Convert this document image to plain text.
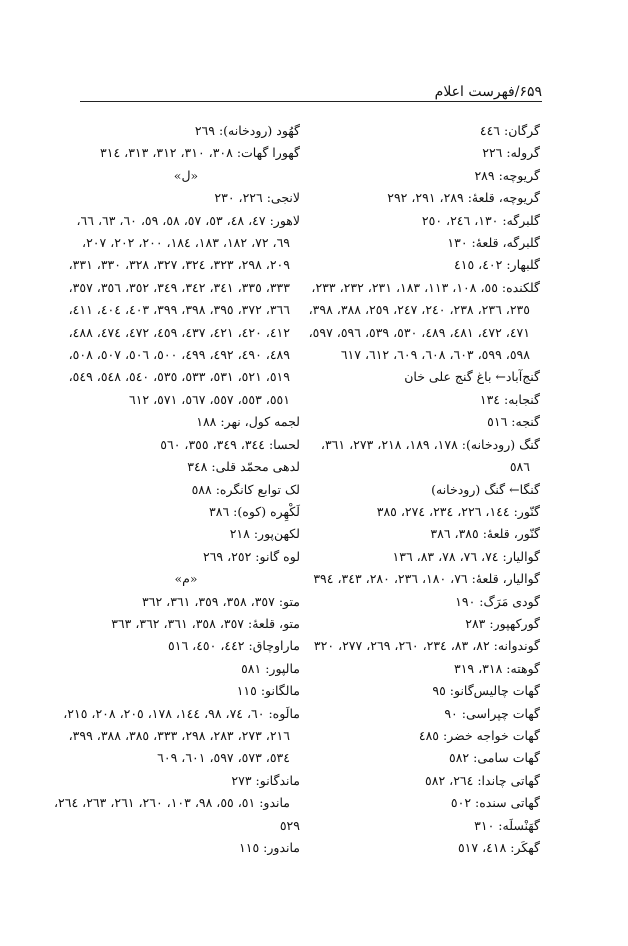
۶۵۹/فهرست اعلام

گرگان: ٤٤٦

گروله: ٢٢٦

گریوچه: ٢٨٩

گریوچه، قلعهٔ: ٢٨٩، ٢٩١، ٢٩٢

گلبرگه: ١٣٠، ٢٤٦، ٢٥٠

گلبرگه، قلعهٔ: ١٣٠

گلبهار: ٤٠٢، ٤١٥

گلکنده: ٥٥، ١٠٨، ١١٣، ١٨٣، ٢٣١، ٢٣٢، ٢٣٣،

٢٣٥، ٢٣٦، ٢٣٨، ٢٤٠، ٢٤٧، ٢٥٩، ٣٨٨، ٣٩٨،

٤٧١، ٤٧٢، ٤٨١، ٤٨٩، ٥٣٠، ٥٣٩، ٥٩٦، ٥٩٧،

٥٩٨، ٥٩٩، ٦٠٣، ٦٠٨، ٦٠٩، ٦١٢، ٦١٧

گنج‌آباد← باغ گنج علی خان

گنجابه: ١٣٤

گنجه: ٥١٦

گنگ (رودخانه): ١٧٨، ١٨٩، ٢١٨، ٢٧٣، ٣٦١،

٥٨٦

گنگا← گنگ (رودخانه)

گنّور: ١٤٤، ٢٢٦، ٢٣٤، ٢٧٤، ٣٨٥

گنّور، قلعهٔ: ٣٨٥، ٣٨٦

گوالیار: ٧٤، ٧٦، ٧٨، ٨٣، ١٣٦

گوالیار، قلعهٔ: ٧٦، ١٨٠، ٢٣٦، ٢٨٠، ٣٤٣، ٣٩٤

گودی مَرَگ: ١٩٠

گورکهپور: ٢٨٣

گوندوانه: ٨٢، ٨٣، ٢٣٤، ٢٦٠، ٢٦٩، ٢٧٧، ٣٢٠

گوهته: ٣١٨، ٣١٩

گهات چالیس‌گانو: ٩٥

گهات چپراسی: ٩٠

گهات خواجه خضر: ٤٨٥

گهات سامی: ٥٨٢

گهاتی چاندا: ٢٦٤، ٥٨٢

گهاتی سنده: ٥٠٢

گهَنْسلَه: ٣١٠

گهکَر: ٤١٨، ٥١٧

گهُود (رودخانه): ٢٦٩

گهورا گهات: ٣٠٨، ٣١٠، ٣١٢، ٣١٣، ٣١٤

«ل»

لانجی: ٢٢٦، ٢٣٠

لاهور: ٤٧، ٤٨، ٥٣، ٥٧، ٥٨، ٥٩، ٦٠، ٦٣، ٦٦،

٦٩، ٧٢، ١٨٢، ١٨٣، ١٨٤، ٢٠٠، ٢٠٢، ٢٠٧،

٢٠٩، ٢٩٨، ٣٢٣، ٣٢٤، ٣٢٧، ٣٢٨، ٣٣٠، ٣٣١،

٣٣٣، ٣٣٥، ٣٤١، ٣٤٢، ٣٤٩، ٣٥٢، ٣٥٦، ٣٥٧،

٣٦٦، ٣٧٢، ٣٩٥، ٣٩٨، ٣٩٩، ٤٠٣، ٤٠٤، ٤١١،

٤١٢، ٤٢٠، ٤٢١، ٤٣٧، ٤٥٩، ٤٧٢، ٤٧٤، ٤٨٨،

٤٨٩، ٤٩٠، ٤٩٢، ٤٩٩، ٥٠٠، ٥٠٦، ٥٠٧، ٥٠٨،

٥١٩، ٥٢١، ٥٣١، ٥٣٣، ٥٣٥، ٥٤٠، ٥٤٨، ٥٤٩،

٥٥١، ٥٥٣، ٥٥٧، ٥٦٧، ٥٧١، ٦١٢

لجمه کول، نهر: ١٨٨

لحسا: ٣٤٤، ٣٤٩، ٣٥٥، ٥٦٠

لدهی محمّد قلی: ٣٤٨

لک توابع کانگره: ٥٨٨

لَکْهِره (کوه): ٣٨٦

لکهن‌پور: ٢١٨

لوه گانو: ٢٥٢، ٢٦٩

«م»

متو: ٣٥٧، ٣٥٨، ٣٥٩، ٣٦١، ٣٦٢

متو، قلعهٔ: ٣٥٧، ٣٥٨، ٣٦١، ٣٦٢، ٣٦٣

ماراوچاق: ٤٤٢، ٤٥٠، ٥١٦

مالپور: ٥٨١

مالگانو: ١١٥

مالَوه: ٦٠، ٧٤، ٩٨، ١٤٤، ١٧٨، ٢٠٥، ٢٠٨، ٢١٥،

٢١٦، ٢٧٣، ٢٨٣، ٢٩٨، ٣٣٣، ٣٨٥، ٣٨٨، ٣٩٩،

٥٣٤، ٥٧٣، ٥٩٧، ٦٠١، ٦٠٩

ماندگانو: ٢٧٣

ماندو: ٥١، ٥٥، ٩٨، ١٠٣، ٢٦٠، ٢٦١، ٢٦٣، ٢٦٤،

٥٢٩

ماندور: ١١٥
